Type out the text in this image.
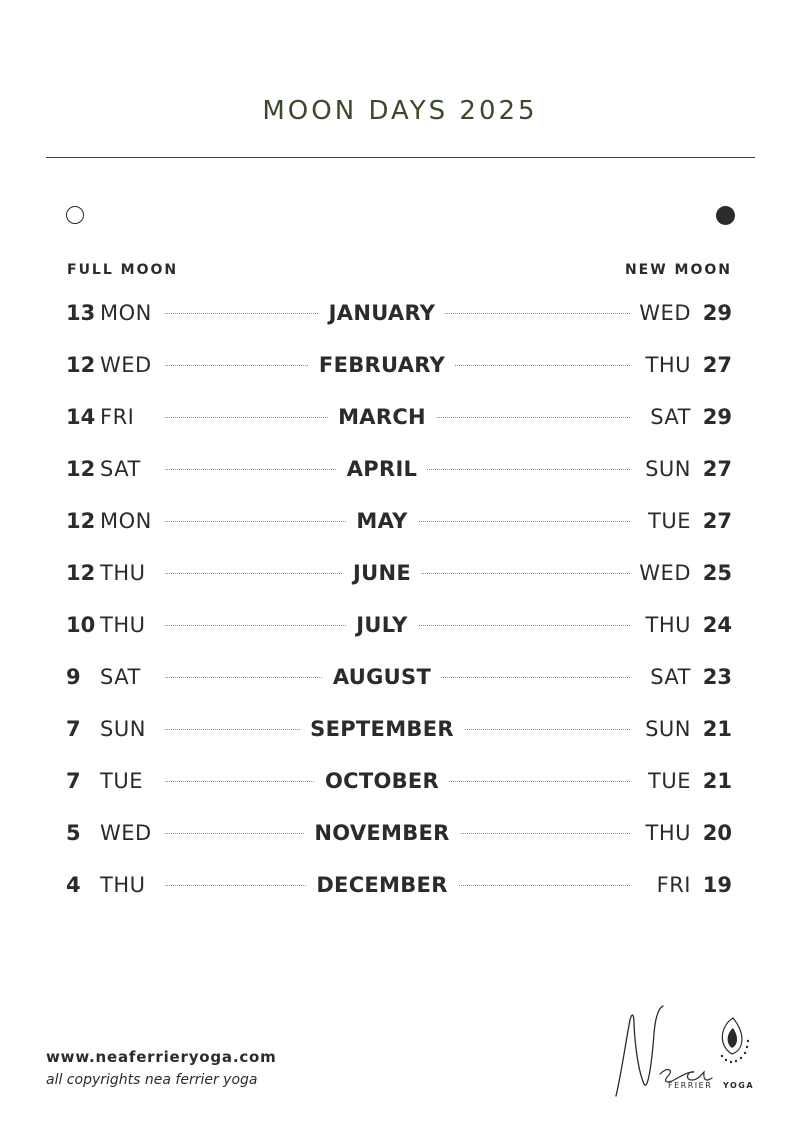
MOON DAYS 2025
FULL MOON	NEW MOON
13 MON	JANUARY	WED 29
12 WED	FEBRUARY	THU 27
14 FRI	MARCH	SAT 29
12 SAT	APRIL	SUN 27
12 MON	MAY	TUE 27
12 THU	JUNE	WED 25
10 THU	JULY	THU 24
9 SAT	AUGUST	SAT 23
7 SUN	SEPTEMBER	SUN 21
7 TUE	OCTOBER	TUE 21
5 WED	NOVEMBER	THU 20
4 THU	DECEMBER	FRI 19
www.neaferrieryoga.com
all copyrights nea ferrier yoga	FERRIER YOGA
